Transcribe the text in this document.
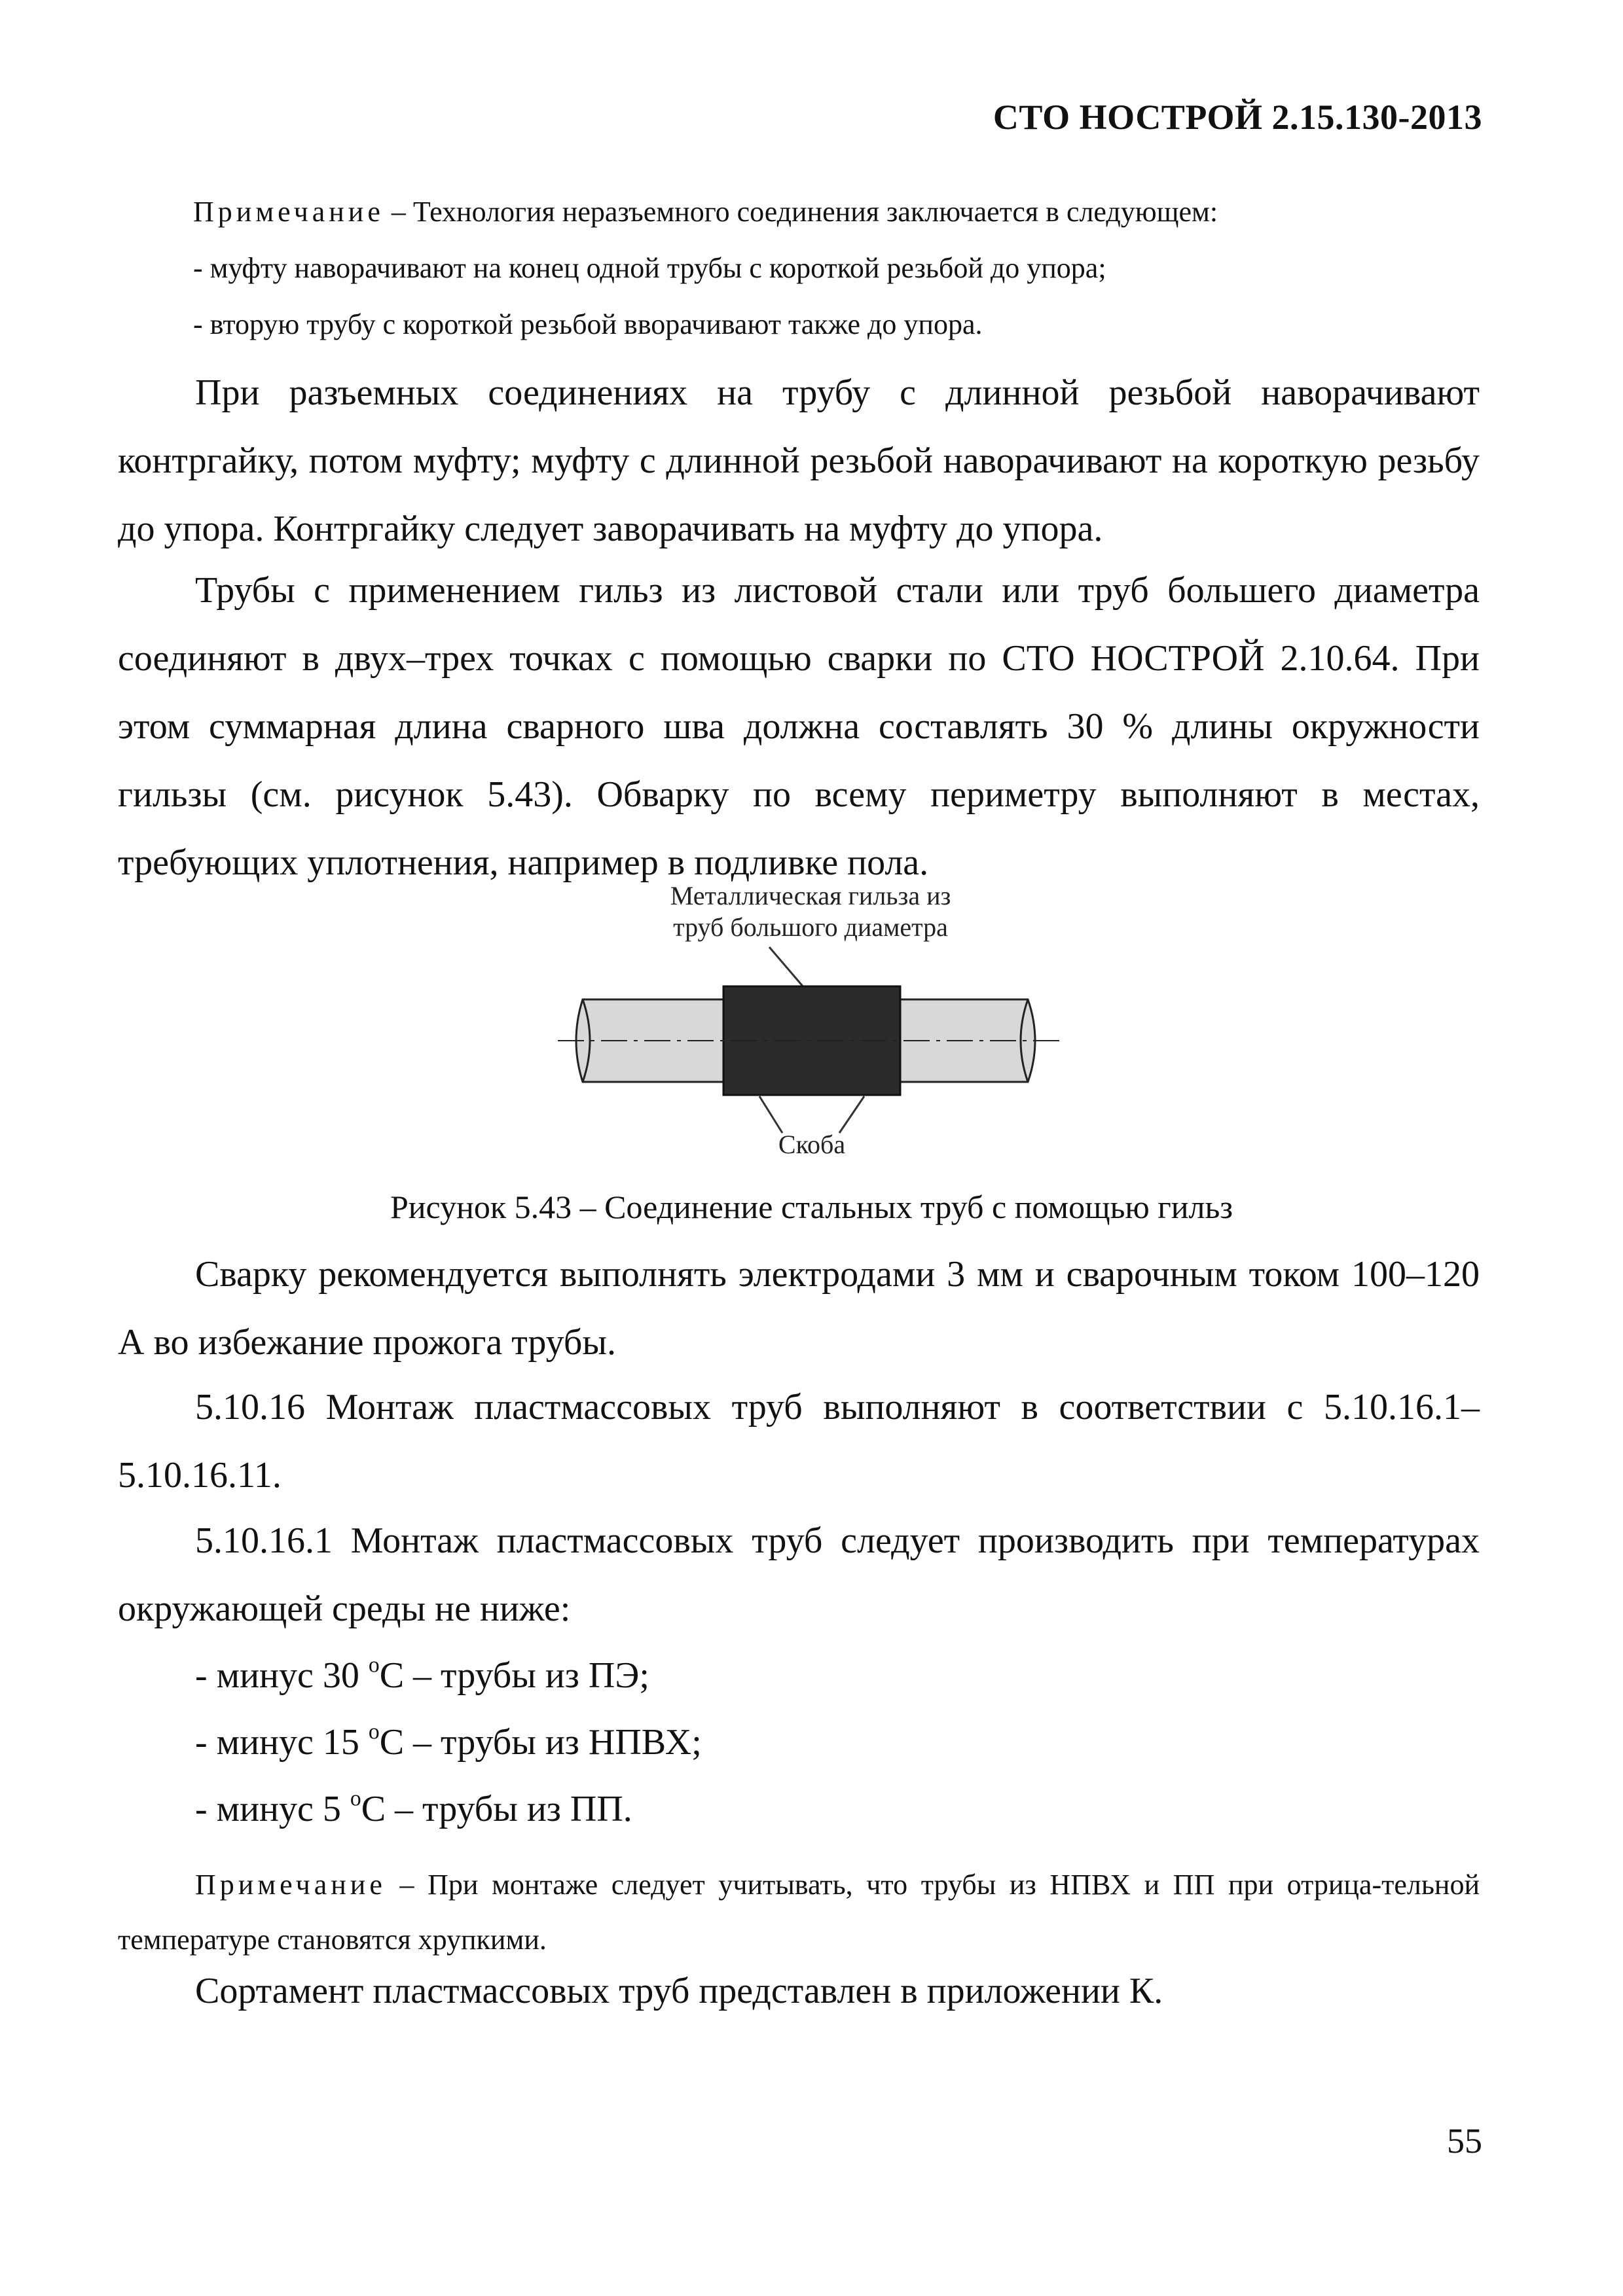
СТО НОСТРОЙ 2.15.130-2013
Примечание – Технология неразъемного соединения заключается в следующем:
- муфту наворачивают на конец одной трубы с короткой резьбой до упора;
- вторую трубу с короткой резьбой вворачивают также до упора.
При разъемных соединениях на трубу с длинной резьбой наворачивают контргайку, потом муфту; муфту с длинной резьбой наворачивают на короткую резьбу до упора. Контргайку следует заворачивать на муфту до упора.
Трубы с применением гильз из листовой стали или труб большего диаметра соединяют в двух–трех точках с помощью сварки по СТО НОСТРОЙ 2.10.64. При этом суммарная длина сварного шва должна составлять 30 % длины окружности гильзы (см. рисунок 5.43). Обварку по всему периметру выполняют в местах, требующих уплотнения, например в подливке пола.
Металлическая гильза из
труб большого диаметра
Скоба
Рисунок 5.43 – Соединение стальных труб с помощью гильз
Сварку рекомендуется выполнять электродами 3 мм и сварочным током 100–120 А во избежание прожога трубы.
5.10.16 Монтаж пластмассовых труб выполняют в соответствии с 5.10.16.1–5.10.16.11.
5.10.16.1 Монтаж пластмассовых труб следует производить при температурах окружающей среды не ниже:
- минус 30 $^o$С – трубы из ПЭ;
- минус 15 $^o$С – трубы из НПВХ;
- минус 5 $^o$С – трубы из ПП.
Примечание – При монтаже следует учитывать, что трубы из НПВХ и ПП при отрица-тельной температуре становятся хрупкими.
Сортамент пластмассовых труб представлен в приложении К.
55
